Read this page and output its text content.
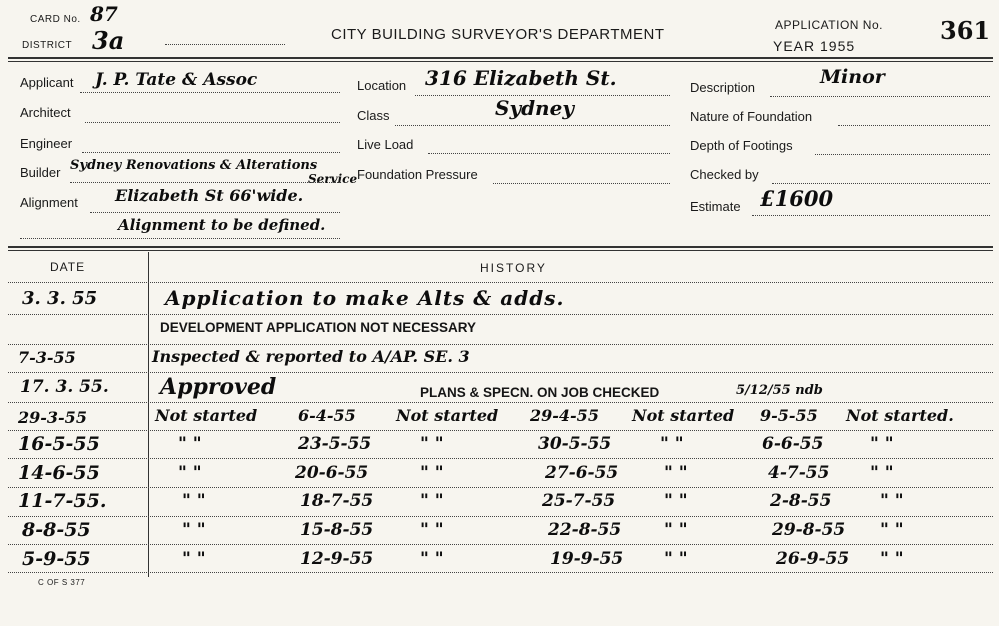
CARD No. 87
DISTRICT 3a	CITY BUILDING SURVEYOR'S DEPARTMENT
APPLICATION No. 361
YEAR 1955
Applicant J. P. Tate & Assoc
Architect
Engineer
Builder Sydney Renovations & Alterations
Service
Alignment Elizabeth St 66'wide.
Alignment to be defined.
Location 316 Elizabeth St.
Class	Sydney
Live Load
Foundation Pressure
Description	Minor
Nature of Foundation
Depth of Footings
Checked by
Estimate £1600
DATE	HISTORY
3. 3. 55	Application to make Alts & adds.
DEVELOPMENT APPLICATION NOT NECESSARY
7-3-55	Inspected & reported to A/AP. SE. 3
17. 3. 55. Approved	PLANS & SPECN. ON JOB CHECKED	5/12/55 ndb
29-3-55	Not started	6-4-55	Not started 29-4-55 Not started 9-5-55 Not started.
16-5-55	" "	23-5-55	" "	30-5-55	" "	6-6-55	" "
14-6-55	" "	20-6-55	" "	27-6-55	" "	4-7-55 " "
11-7-55.	" "	18-7-55	" "	25-7-55	" "	2-8-55	" "
8-8-55	" "	15-8-55	" "	22-8-55	" "	29-8-55 " "
5-9-55	" "	12-9-55	" "	19-9-55 " "	26-9-55 " "
C OF S 377
